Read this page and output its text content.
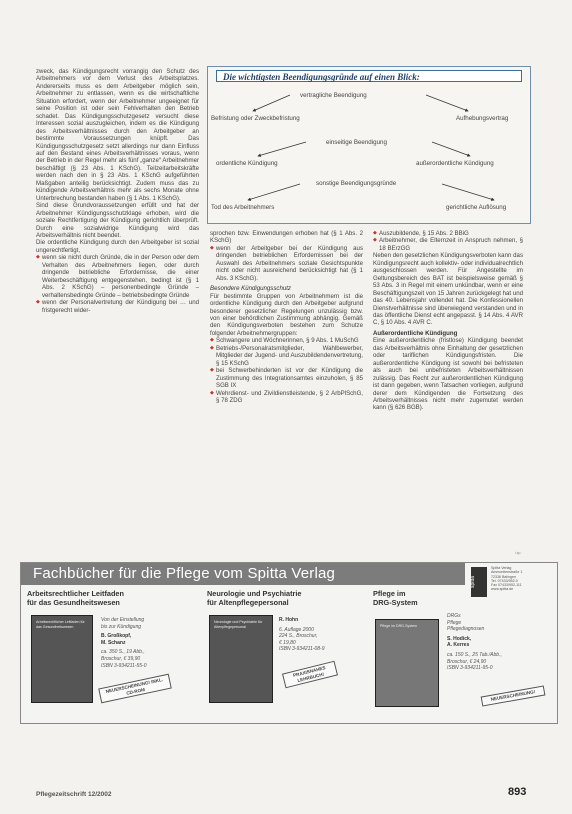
zweck, das Kündigungsrecht vorrangig den Schutz des Arbeitnehmers vor dem Verlust des Arbeitsplatzes. Andererseits muss es dem Arbeitgeber möglich sein, Arbeitnehmer zu entlassen, wenn es die wirtschaftliche Situation erfordert, wenn der Arbeitnehmer ungeeignet für seine Position ist oder sein Fehlverhalten den Betrieb schadet. Das Kündigungsschutzgesetz versucht diese Interessen sozial auszugleichen, indem es die Kündigung des Arbeitsverhältnisses durch den Arbeitgeber an bestimmte Voraussetzungen knüpft. Das Kündigungsschutzgesetz setzt allerdings nur dann Einfluss auf den Bestand eines Arbeitsverhältnisses voraus, wenn der Betrieb in der Regel mehr als fünf „ganze“ Arbeitnehmer beschäftigt (§ 23 Abs. 1 KSchG). Teilzeitarbeitskräfte werden nach den in § 23 Abs. 1 KSchG aufgeführten Maßgaben anteilig berücksichtigt. Zudem muss das zu kündigende Arbeitsverhältnis mehr als sechs Monate ohne Unterbrechung bestanden haben (§ 1 Abs. 1 KSchG).

Sind diese Grundvoraussetzungen erfüllt und hat der Arbeitnehmer Kündigungsschutzklage erhoben, wird die soziale Rechtfertigung der Kündigung gerichtlich überprüft. Durch eine sozialwidrige Kündigung wird das Arbeitsverhältnis nicht beendet.

Die ordentliche Kündigung durch den Arbeitgeber ist sozial ungerechtfertigt,

◆ wenn sie nicht durch Gründe, die in der Person oder dem Verhalten des Arbeitnehmers liegen, oder durch dringende betriebliche Erfordernisse, die einer Weiterbeschäftigung entgegenstehen, bedingt ist (§ 1 Abs. 2 KSchG) – personenbedingte Gründe – verhaltensbedingte Gründe – betriebsbedingte Gründe
◆ wenn der Personalvertretung der Kündigung bei … und fristgerecht wider-
Die wichtigsten Beendigungsgründe auf einen Blick:
vertragliche Beendigung
Befristung oder Zweckbefristung	Aufhebungsvertrag
einseitige Beendigung
ordentliche Kündigung	außerordentliche Kündigung
sonstige Beendigungsgründe
Tod des Arbeitnehmers	gerichtliche Auflösung

sprochen bzw. Einwendungen erhoben hat (§ 1 Abs. 2 KSchG)

◆ wenn der Arbeitgeber bei der Kündigung aus dringenden betrieblichen Erfordernissen bei der Auswahl des Arbeitnehmers soziale Gesichtspunkte nicht oder nicht ausreichend berücksichtigt hat (§ 1 Abs. 3 KSchG).

Besondere Kündigungsschutz

Für bestimmte Gruppen von Arbeitnehmern ist die ordentliche Kündigung durch den Arbeitgeber aufgrund besonderer gesetzlicher Regelungen unzulässig bzw. von einer behördlichen Zustimmung abhängig. Gemäß den Kündigungsverboten bestehen zum Schutze folgender Arbeitnehmergruppen:

◆ Schwangere und Wöchnerinnen, § 9 Abs. 1 MuSchG
◆ Betriebs-/Personalratsmitglieder, Wahlbewerber, Mitglieder der Jugend- und Auszubildendenvertretung, § 15 KSchG
◆ bei Schwerbehinderten ist vor der Kündigung die Zustimmung des Integrationsamtes einzuholen, § 85 SGB IX
◆ Wehrdienst- und Zivildienstleistende, § 2 ArbPlSchG, § 78 ZDG
◆ Auszubildende, § 15 Abs. 2 BBiG
◆ Arbeitnehmer, die Elternzeit in Anspruch nehmen, § 18 BErzGG

Neben den gesetzlichen Kündigungsverboten kann das Kündigungsrecht auch kollektiv- oder individualrechtlich ausgeschlossen werden. Für Angestellte im Geltungsbereich des BAT ist beispielsweise gemäß § 53 Abs. 3 in Regel mit einem unkündbar, wenn er eine Beschäftigungszeit von 15 Jahren zurückgelegt hat und das 40. Lebensjahr vollendet hat. Die Konfessionellen Dienstverhältnisse sind überwiegend verstanden und in das öffentliche Dienst echt angepasst. § 14 Abs. 4 AVR C, § 10 Abs. 4 AVR C.

Außerordentliche Kündigung

Eine außerordentliche (fristlose) Kündigung beendet das Arbeitsverhältnis ohne Einhaltung der gesetzlichen oder tariflichen Kündigungsfristen. Die außerordentliche Kündigung ist sowohl bei befristeten als auch bei unbefristeten Arbeitsverhältnissen zulässig. Das Recht zur außerordentlichen Kündigung ist dann gegeben, wenn Tatsachen vorliegen, aufgrund derer dem Kündigenden die Fortsetzung des Arbeitsverhältnisses nicht mehr zugemutet werden kann (§ 626 BGB).

i.sp.
Fachbücher für die Pflege vom Spitta Verlag	spitta
Spitta Verlag
Ammonitenstraße 1
72336 Balingen
Tel. 07433/952-0
Fax 07433/952-111
www.spitta.de
Arbeitsrechtlicher Leitfaden
für das Gesundheitswesen
Arbeitsrechtlicher Leitfaden für das Gesundheitswesen
Von der Einstellung
bis zur Kündigung
B. Großkopf,
M. Schanz
ca. 350 S., 19 Abb.,
Broschur, € 39,90
ISBN 3-934211-55-0
NEUERSCHEINUNG! INKL. CD-ROM
Neurologie und Psychiatrie
für Altenpflegepersonal
Neurologie und Psychiatrie für Altenpflegepersonal
R. Hohn
6. Auflage 2000
224 S., Broschur,
€ 19,80
ISBN 3-934211-08-9
PRAXISNAHES LEHRBUCH!
Pflege im
DRG-System
Pflege im DRG-System
DRGs
Pflege
Pflegediagnosen
S. Hodick,
A. Kerres
ca. 150 S., 25 Tab./Abb.,
Broschur, € 24,90
ISBN 3-934211-95-0
NEUERSCHEINUNG!
Pflegezeitschrift 12/2002	893
